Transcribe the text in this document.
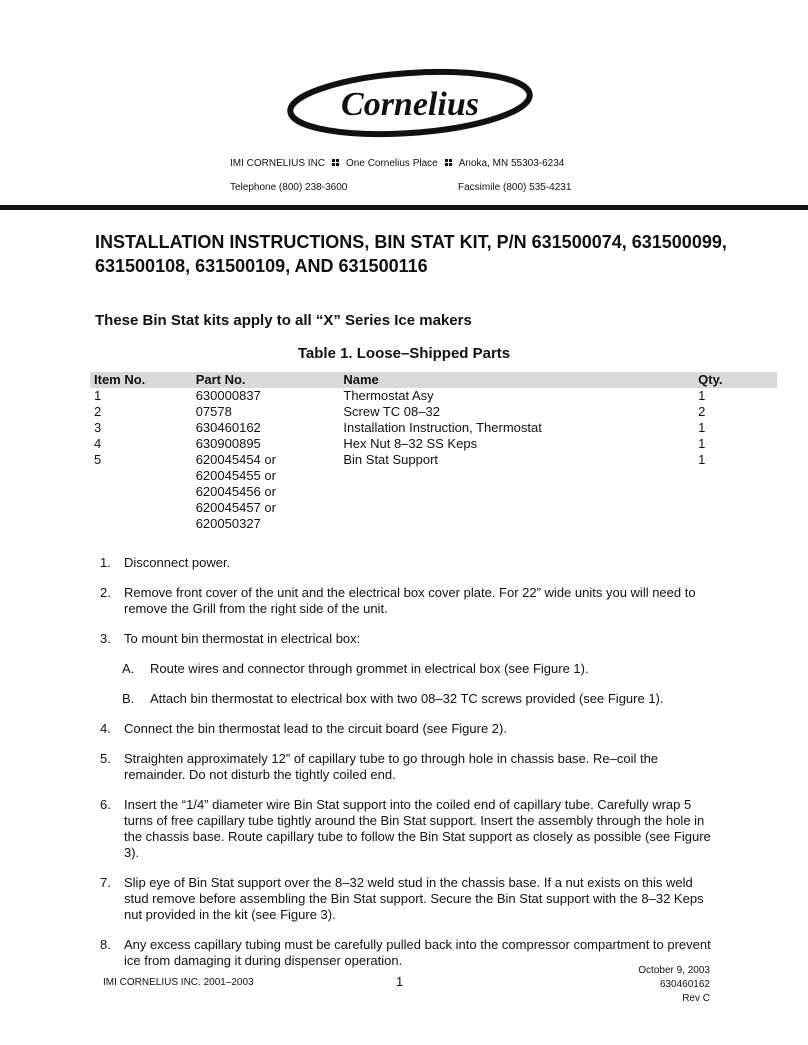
Cornelius
IMI CORNELIUS INC One Cornelius Place Anoka, MN 55303-6234
Telephone (800) 238-3600	Facsimile (800) 535-4231
INSTALLATION INSTRUCTIONS, BIN STAT KIT, P/N 631500074, 631500099, 631500108, 631500109, AND 631500116
These Bin Stat kits apply to all “X” Series Ice makers
Table 1. Loose–Shipped Parts
Item No.	Part No.	Name	Qty.
1	630000837	Thermostat Asy	1
2	07578	Screw TC 08–32	2
3	630460162	Installation Instruction, Thermostat	1
4	630900895	Hex Nut 8–32 SS Keps	1
5	620045454 or
620045455 or
620045456 or
620045457 or
620050327	Bin Stat Support	1
1.	Disconnect power.
2.	Remove front cover of the unit and the electrical box cover plate. For 22” wide units you will need to remove the Grill from the right side of the unit.
3.	To mount bin thermostat in electrical box:
A.	Route wires and connector through grommet in electrical box (see Figure 1).
B.	Attach bin thermostat to electrical box with two 08–32 TC screws provided (see Figure 1).
4.	Connect the bin thermostat lead to the circuit board (see Figure 2).
5.	Straighten approximately 12” of capillary tube to go through hole in chassis base. Re–coil the remainder. Do not disturb the tightly coiled end.
6.	Insert the “1/4” diameter wire Bin Stat support into the coiled end of capillary tube. Carefully wrap 5 turns of free capillary tube tightly around the Bin Stat support. Insert the assembly through the hole in the chassis base. Route capillary tube to follow the Bin Stat support as closely as possible (see Figure 3).
7.	Slip eye of Bin Stat support over the 8–32 weld stud in the chassis base. If a nut exists on this weld stud remove before assembling the Bin Stat support. Secure the Bin Stat support with the 8–32 Keps nut provided in the kit (see Figure 3).
8.	Any excess capillary tubing must be carefully pulled back into the compressor compartment to prevent ice from damaging it during dispenser operation.
IMI CORNELIUS INC. 2001–2003	1
October 9, 2003
630460162
Rev C
